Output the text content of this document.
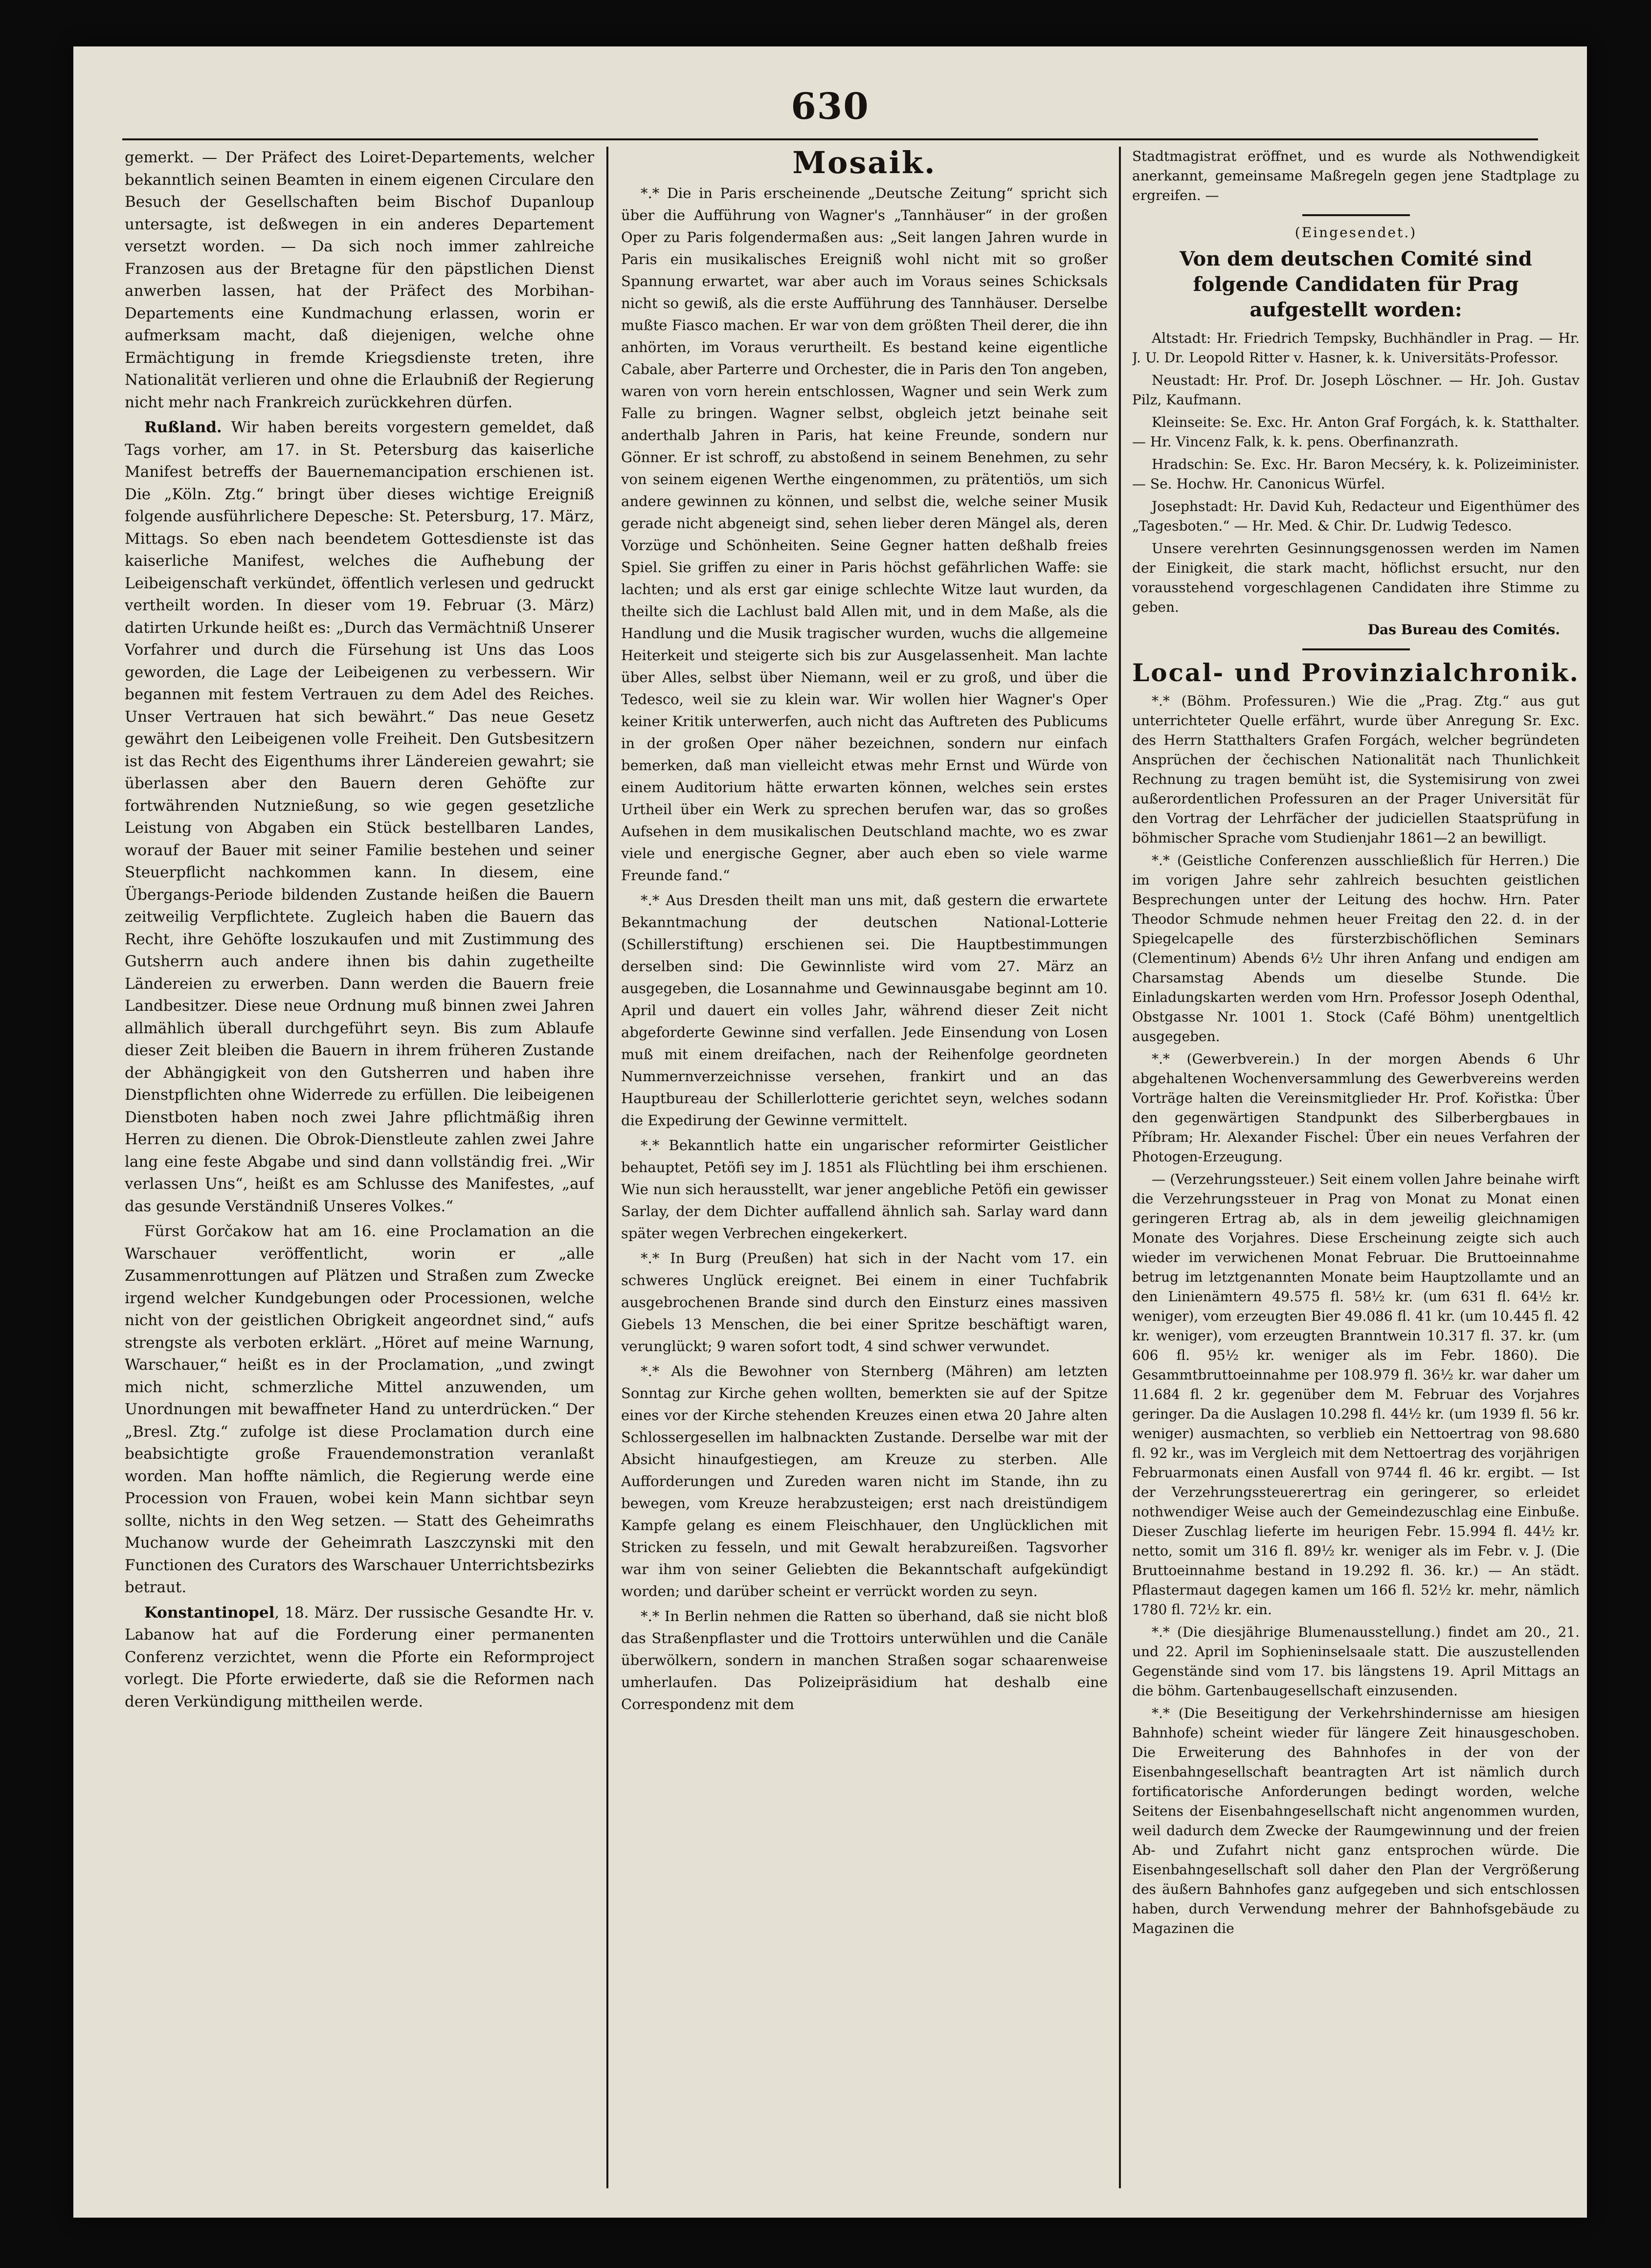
630

gemerkt. — Der Präfect des Loiret-Departements, welcher bekanntlich seinen Beamten in einem eigenen Circulare den Besuch der Gesellschaften beim Bischof Dupanloup untersagte, ist deßwegen in ein anderes Departement versetzt worden. — Da sich noch immer zahlreiche Franzosen aus der Bretagne für den päpstlichen Dienst anwerben lassen, hat der Präfect des Morbihan-Departements eine Kundmachung erlassen, worin er aufmerksam macht, daß diejenigen, welche ohne Ermächtigung in fremde Kriegsdienste treten, ihre Nationalität verlieren und ohne die Erlaubniß der Regierung nicht mehr nach Frankreich zurückkehren dürfen.

Rußland. Wir haben bereits vorgestern gemeldet, daß Tags vorher, am 17. in St. Petersburg das kaiserliche Manifest betreffs der Bauernemancipation erschienen ist. Die „Köln. Ztg.“ bringt über dieses wichtige Ereigniß folgende ausführlichere Depesche: St. Petersburg, 17. März, Mittags. So eben nach beendetem Gottesdienste ist das kaiserliche Manifest, welches die Aufhebung der Leibeigenschaft verkündet, öffentlich verlesen und gedruckt vertheilt worden. In dieser vom 19. Februar (3. März) datirten Urkunde heißt es: „Durch das Vermächtniß Unserer Vorfahrer und durch die Fürsehung ist Uns das Loos geworden, die Lage der Leibeigenen zu verbessern. Wir begannen mit festem Vertrauen zu dem Adel des Reiches. Unser Vertrauen hat sich bewährt.“ Das neue Gesetz gewährt den Leibeigenen volle Freiheit. Den Gutsbesitzern ist das Recht des Eigenthums ihrer Ländereien gewahrt; sie überlassen aber den Bauern deren Gehöfte zur fortwährenden Nutznießung, so wie gegen gesetzliche Leistung von Abgaben ein Stück bestellbaren Landes, worauf der Bauer mit seiner Familie bestehen und seiner Steuerpflicht nachkommen kann. In diesem, eine Übergangs-Periode bildenden Zustande heißen die Bauern zeitweilig Verpflichtete. Zugleich haben die Bauern das Recht, ihre Gehöfte loszukaufen und mit Zustimmung des Gutsherrn auch andere ihnen bis dahin zugetheilte Ländereien zu erwerben. Dann werden die Bauern freie Landbesitzer. Diese neue Ordnung muß binnen zwei Jahren allmählich überall durchgeführt seyn. Bis zum Ablaufe dieser Zeit bleiben die Bauern in ihrem früheren Zustande der Abhängigkeit von den Gutsherren und haben ihre Dienstpflichten ohne Widerrede zu erfüllen. Die leibeigenen Dienstboten haben noch zwei Jahre pflichtmäßig ihren Herren zu dienen. Die Obrok-Dienstleute zahlen zwei Jahre lang eine feste Abgabe und sind dann vollständig frei. „Wir verlassen Uns“, heißt es am Schlusse des Manifestes, „auf das gesunde Verständniß Unseres Volkes.“

Fürst Gorčakow hat am 16. eine Proclamation an die Warschauer veröffentlicht, worin er „alle Zusammenrottungen auf Plätzen und Straßen zum Zwecke irgend welcher Kundgebungen oder Processionen, welche nicht von der geistlichen Obrigkeit angeordnet sind,“ aufs strengste als verboten erklärt. „Höret auf meine Warnung, Warschauer,“ heißt es in der Proclamation, „und zwingt mich nicht, schmerzliche Mittel anzuwenden, um Unordnungen mit bewaffneter Hand zu unterdrücken.“ Der „Bresl. Ztg.“ zufolge ist diese Proclamation durch eine beabsichtigte große Frauendemonstration veranlaßt worden. Man hoffte nämlich, die Regierung werde eine Procession von Frauen, wobei kein Mann sichtbar seyn sollte, nichts in den Weg setzen. — Statt des Geheimraths Muchanow wurde der Geheimrath Laszczynski mit den Functionen des Curators des Warschauer Unterrichtsbezirks betraut.

Konstantinopel, 18. März. Der russische Gesandte Hr. v. Labanow hat auf die Forderung einer permanenten Conferenz verzichtet, wenn die Pforte ein Reformproject vorlegt. Die Pforte erwiederte, daß sie die Reformen nach deren Verkündigung mittheilen werde.

Mosaik.

*.* Die in Paris erscheinende „Deutsche Zeitung“ spricht sich über die Aufführung von Wagner's „Tannhäuser“ in der großen Oper zu Paris folgendermaßen aus: „Seit langen Jahren wurde in Paris ein musikalisches Ereigniß wohl nicht mit so großer Spannung erwartet, war aber auch im Voraus seines Schicksals nicht so gewiß, als die erste Aufführung des Tannhäuser. Derselbe mußte Fiasco machen. Er war von dem größten Theil derer, die ihn anhörten, im Voraus verurtheilt. Es bestand keine eigentliche Cabale, aber Parterre und Orchester, die in Paris den Ton angeben, waren von vorn herein entschlossen, Wagner und sein Werk zum Falle zu bringen. Wagner selbst, obgleich jetzt beinahe seit anderthalb Jahren in Paris, hat keine Freunde, sondern nur Gönner. Er ist schroff, zu abstoßend in seinem Benehmen, zu sehr von seinem eigenen Werthe eingenommen, zu prätentiös, um sich andere gewinnen zu können, und selbst die, welche seiner Musik gerade nicht abgeneigt sind, sehen lieber deren Mängel als, deren Vorzüge und Schönheiten. Seine Gegner hatten deßhalb freies Spiel. Sie griffen zu einer in Paris höchst gefährlichen Waffe: sie lachten; und als erst gar einige schlechte Witze laut wurden, da theilte sich die Lachlust bald Allen mit, und in dem Maße, als die Handlung und die Musik tragischer wurden, wuchs die allgemeine Heiterkeit und steigerte sich bis zur Ausgelassenheit. Man lachte über Alles, selbst über Niemann, weil er zu groß, und über die Tedesco, weil sie zu klein war. Wir wollen hier Wagner's Oper keiner Kritik unterwerfen, auch nicht das Auftreten des Publicums in der großen Oper näher bezeichnen, sondern nur einfach bemerken, daß man vielleicht etwas mehr Ernst und Würde von einem Auditorium hätte erwarten können, welches sein erstes Urtheil über ein Werk zu sprechen berufen war, das so großes Aufsehen in dem musikalischen Deutschland machte, wo es zwar viele und energische Gegner, aber auch eben so viele warme Freunde fand.“

*.* Aus Dresden theilt man uns mit, daß gestern die erwartete Bekanntmachung der deutschen National-Lotterie (Schillerstiftung) erschienen sei. Die Hauptbestimmungen derselben sind: Die Gewinnliste wird vom 27. März an ausgegeben, die Losannahme und Gewinnausgabe beginnt am 10. April und dauert ein volles Jahr, während dieser Zeit nicht abgeforderte Gewinne sind verfallen. Jede Einsendung von Losen muß mit einem dreifachen, nach der Reihenfolge geordneten Nummernverzeichnisse versehen, frankirt und an das Hauptbureau der Schillerlotterie gerichtet seyn, welches sodann die Expedirung der Gewinne vermittelt.

*.* Bekanntlich hatte ein ungarischer reformirter Geistlicher behauptet, Petöfi sey im J. 1851 als Flüchtling bei ihm erschienen. Wie nun sich herausstellt, war jener angebliche Petöfi ein gewisser Sarlay, der dem Dichter auffallend ähnlich sah. Sarlay ward dann später wegen Verbrechen eingekerkert.

*.* In Burg (Preußen) hat sich in der Nacht vom 17. ein schweres Unglück ereignet. Bei einem in einer Tuchfabrik ausgebrochenen Brande sind durch den Einsturz eines massiven Giebels 13 Menschen, die bei einer Spritze beschäftigt waren, verunglückt; 9 waren sofort todt, 4 sind schwer verwundet.

*.* Als die Bewohner von Sternberg (Mähren) am letzten Sonntag zur Kirche gehen wollten, bemerkten sie auf der Spitze eines vor der Kirche stehenden Kreuzes einen etwa 20 Jahre alten Schlossergesellen im halbnackten Zustande. Derselbe war mit der Absicht hinaufgestiegen, am Kreuze zu sterben. Alle Aufforderungen und Zureden waren nicht im Stande, ihn zu bewegen, vom Kreuze herabzusteigen; erst nach dreistündigem Kampfe gelang es einem Fleischhauer, den Unglücklichen mit Stricken zu fesseln, und mit Gewalt herabzureißen. Tagsvorher war ihm von seiner Geliebten die Bekanntschaft aufgekündigt worden; und darüber scheint er verrückt worden zu seyn.

*.* In Berlin nehmen die Ratten so überhand, daß sie nicht bloß das Straßenpflaster und die Trottoirs unterwühlen und die Canäle überwölkern, sondern in manchen Straßen sogar schaarenweise umherlaufen. Das Polizeipräsidium hat deshalb eine Correspondenz mit dem

Stadtmagistrat eröffnet, und es wurde als Nothwendigkeit anerkannt, gemeinsame Maßregeln gegen jene Stadtplage zu ergreifen. —

(Eingesendet.)
Von dem deutschen Comité sind folgende Candidaten für Prag aufgestellt worden:

Altstadt: Hr. Friedrich Tempsky, Buchhändler in Prag. — Hr. J. U. Dr. Leopold Ritter v. Hasner, k. k. Universitäts-Professor.

Neustadt: Hr. Prof. Dr. Joseph Löschner. — Hr. Joh. Gustav Pilz, Kaufmann.

Kleinseite: Se. Exc. Hr. Anton Graf Forgách, k. k. Statthalter. — Hr. Vincenz Falk, k. k. pens. Oberfinanzrath.

Hradschin: Se. Exc. Hr. Baron Mecséry, k. k. Polizeiminister. — Se. Hochw. Hr. Canonicus Würfel.

Josephstadt: Hr. David Kuh, Redacteur und Eigenthümer des „Tagesboten.“ — Hr. Med. & Chir. Dr. Ludwig Tedesco.

Unsere verehrten Gesinnungsgenossen werden im Namen der Einigkeit, die stark macht, höflichst ersucht, nur den vorausstehend vorgeschlagenen Candidaten ihre Stimme zu geben.

Das Bureau des Comités.
Local- und Provinzialchronik.

*.* (Böhm. Professuren.) Wie die „Prag. Ztg.“ aus gut unterrichteter Quelle erfährt, wurde über Anregung Sr. Exc. des Herrn Statthalters Grafen Forgách, welcher begründeten Ansprüchen der čechischen Nationalität nach Thunlichkeit Rechnung zu tragen bemüht ist, die Systemisirung von zwei außerordentlichen Professuren an der Prager Universität für den Vortrag der Lehrfächer der judiciellen Staatsprüfung in böhmischer Sprache vom Studienjahr 1861—2 an bewilligt.

*.* (Geistliche Conferenzen ausschließlich für Herren.) Die im vorigen Jahre sehr zahlreich besuchten geistlichen Besprechungen unter der Leitung des hochw. Hrn. Pater Theodor Schmude nehmen heuer Freitag den 22. d. in der Spiegelcapelle des fürsterzbischöflichen Seminars (Clementinum) Abends 6½ Uhr ihren Anfang und endigen am Charsamstag Abends um dieselbe Stunde. Die Einladungskarten werden vom Hrn. Professor Joseph Odenthal, Obstgasse Nr. 1001 1. Stock (Café Böhm) unentgeltlich ausgegeben.

*.* (Gewerbverein.) In der morgen Abends 6 Uhr abgehaltenen Wochenversammlung des Gewerbvereins werden Vorträge halten die Vereinsmitglieder Hr. Prof. Kořistka: Über den gegenwärtigen Standpunkt des Silberbergbaues in Příbram; Hr. Alexander Fischel: Über ein neues Verfahren der Photogen-Erzeugung.

— (Verzehrungssteuer.) Seit einem vollen Jahre beinahe wirft die Verzehrungssteuer in Prag von Monat zu Monat einen geringeren Ertrag ab, als in dem jeweilig gleichnamigen Monate des Vorjahres. Diese Erscheinung zeigte sich auch wieder im verwichenen Monat Februar. Die Bruttoeinnahme betrug im letztgenannten Monate beim Hauptzollamte und an den Linienämtern 49.575 fl. 58½ kr. (um 631 fl. 64½ kr. weniger), vom erzeugten Bier 49.086 fl. 41 kr. (um 10.445 fl. 42 kr. weniger), vom erzeugten Branntwein 10.317 fl. 37. kr. (um 606 fl. 95½ kr. weniger als im Febr. 1860). Die Gesammtbruttoeinnahme per 108.979 fl. 36½ kr. war daher um 11.684 fl. 2 kr. gegenüber dem M. Februar des Vorjahres geringer. Da die Auslagen 10.298 fl. 44½ kr. (um 1939 fl. 56 kr. weniger) ausmachten, so verblieb ein Nettoertrag von 98.680 fl. 92 kr., was im Vergleich mit dem Nettoertrag des vorjährigen Februarmonats einen Ausfall von 9744 fl. 46 kr. ergibt. — Ist der Verzehrungssteuerertrag ein geringerer, so erleidet nothwendiger Weise auch der Gemeindezuschlag eine Einbuße. Dieser Zuschlag lieferte im heurigen Febr. 15.994 fl. 44½ kr. netto, somit um 316 fl. 89½ kr. weniger als im Febr. v. J. (Die Bruttoeinnahme bestand in 19.292 fl. 36. kr.) — An städt. Pflastermaut dagegen kamen um 166 fl. 52½ kr. mehr, nämlich 1780 fl. 72½ kr. ein.

*.* (Die diesjährige Blumenausstellung.) findet am 20., 21. und 22. April im Sophieninselsaale statt. Die auszustellenden Gegenstände sind vom 17. bis längstens 19. April Mittags an die böhm. Gartenbaugesellschaft einzusenden.

*.* (Die Beseitigung der Verkehrshindernisse am hiesigen Bahnhofe) scheint wieder für längere Zeit hinausgeschoben. Die Erweiterung des Bahnhofes in der von der Eisenbahngesellschaft beantragten Art ist nämlich durch fortificatorische Anforderungen bedingt worden, welche Seitens der Eisenbahngesellschaft nicht angenommen wurden, weil dadurch dem Zwecke der Raumgewinnung und der freien Ab- und Zufahrt nicht ganz entsprochen würde. Die Eisenbahngesellschaft soll daher den Plan der Vergrößerung des äußern Bahnhofes ganz aufgegeben und sich entschlossen haben, durch Verwendung mehrer der Bahnhofsgebäude zu Magazinen die
